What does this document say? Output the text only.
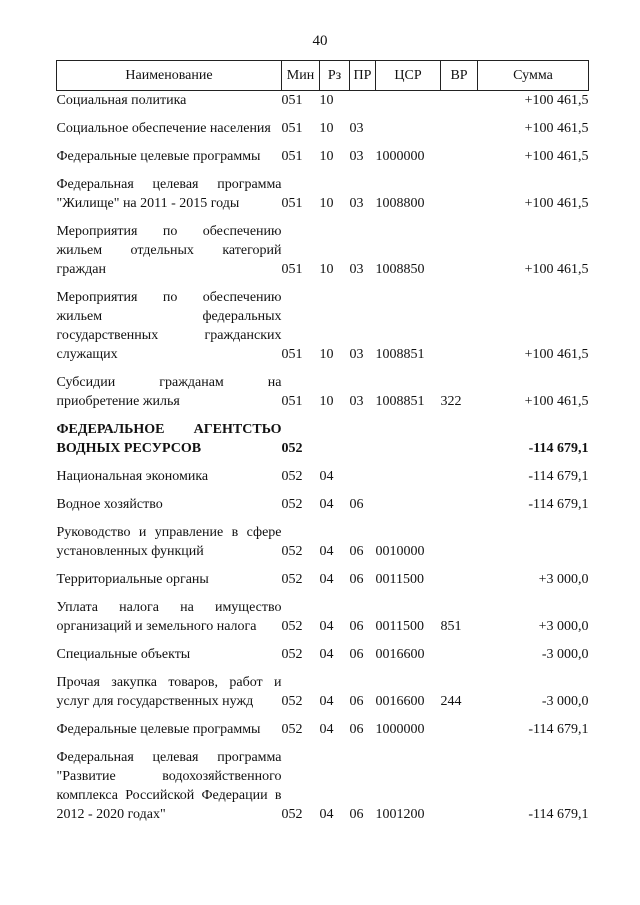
40
Наименование	Мин	Рз	ПР	ЦСР	ВР	Сумма
Социальная политика	051	10				+100 461,5

Социальное обеспечение населения	051	10	03			+100 461,5

Федеральные целевые программы	051	10	03	1000000		+100 461,5

Федеральная целевая программа "Жилище" на 2011 - 2015 годы	051	10	03	1008800		+100 461,5

Мероприятия по обеспечению жильем отдельных категорий граждан	051	10	03	1008850		+100 461,5

Мероприятия по обеспечению жильем федеральных государственных гражданских служащих	051	10	03	1008851		+100 461,5

Субсидии гражданам на приобретение жилья	051	10	03	1008851	322	+100 461,5

ФЕДЕРАЛЬНОЕ АГЕНТСТЬО ВОДНЫХ РЕСУРСОВ	052					-114 679,1

Национальная экономика	052	04				-114 679,1

Водное хозяйство	052	04	06			-114 679,1

Руководство и управление в сфере установленных функций	052	04	06	0010000		

Территориальные органы	052	04	06	0011500		+3 000,0

Уплата налога на имущество организаций и земельного налога	052	04	06	0011500	851	+3 000,0

Специальные объекты	052	04	06	0016600		-3 000,0

Прочая закупка товаров, работ и услуг для государственных нужд	052	04	06	0016600	244	-3 000,0

Федеральные целевые программы	052	04	06	1000000		-114 679,1

Федеральная целевая программа "Развитие водохозяйственного комплекса Российской Федерации в 2012 - 2020 годах"	052	04	06	1001200		-114 679,1
